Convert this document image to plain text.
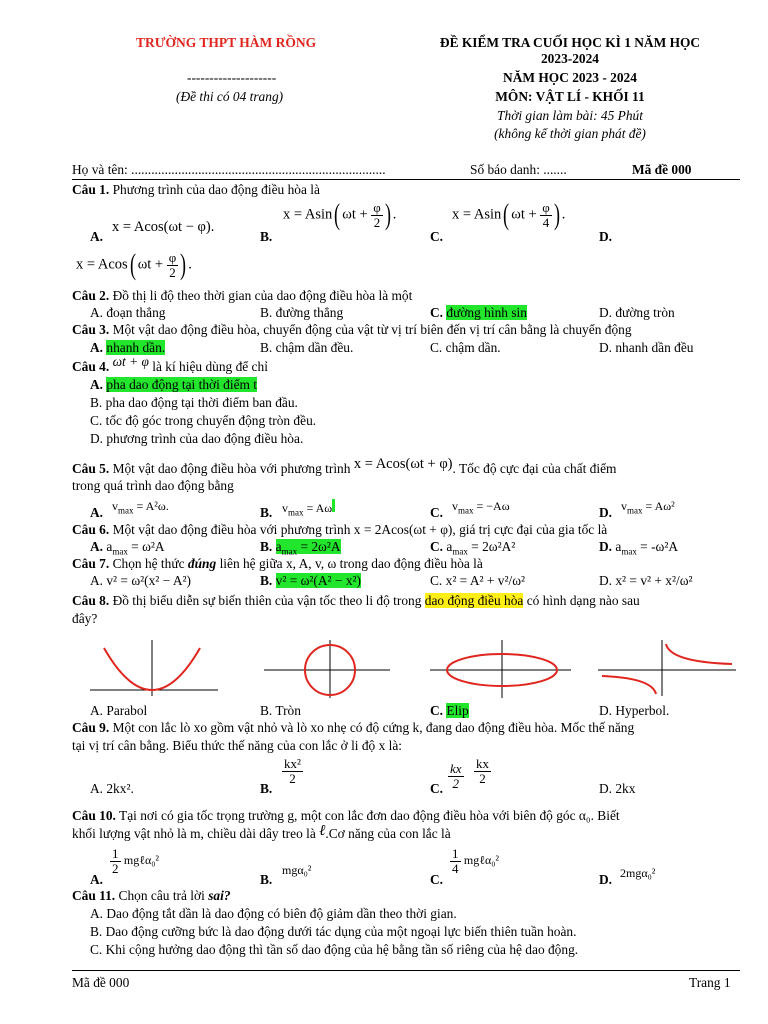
TRƯỜNG THPT HÀM RỒNG
--------------------
(Đề thi có 04 trang)
ĐỀ KIỂM TRA CUỐI HỌC KÌ 1 NĂM HỌC
2023-2024
NĂM HỌC 2023 - 2024
MÔN: VẬT LÍ - KHỐI 11
Thời gian làm bài: 45 Phút
(không kể thời gian phát đề)
Họ và tên: ............................................................................	Số báo danh: .......	Mã đề 000
Câu 1. Phương trình của dao động điều hòa là
A.
x = Acos(ωt − φ).
B.
x = Asin( $\omega t + \frac{\varphi}{2}$ ) .
C.
x = Asin( $\omega t + \frac{\varphi}{4}$ ) .
D.
x = Acos( $\omega t + \frac{\varphi}{2}$ ) .
Câu 2. Đồ thị li độ theo thời gian của dao động điều hòa là một
A. đoạn thẳng	B. đường thẳng	C. đường hình sin	D. đường tròn
Câu 3. Một vật dao động điều hòa, chuyển động của vật từ vị trí biên đến vị trí cân bằng là chuyển động
A. nhanh dần.	B. chậm dần đều.	C. chậm dần.	D. nhanh dần đều
Câu 4. ωt + φ là kí hiệu dùng để chỉ
A. pha dao động tại thời điểm t
B. pha dao động tại thời điểm ban đầu.
C. tốc độ góc trong chuyển động tròn đều.
D. phương trình của dao động điều hòa.
Câu 5. Một vật dao động điều hòa với phương trình x = Acos(ωt + φ). Tốc độ cực đại của chất điểm
trong quá trình dao động bằng
A. $v_{max} = A^2\omega$.	B. $v_{max} = A\omega$	C. $v_{max} = -A\omega$	D. $v_{max} = A\omega^2$
Câu 6. Một vật dao động điều hòa với phương trình x = 2Acos(ωt + φ), giá trị cực đại của gia tốc là
A. $a_{max} = \omega^2A$	B. $a_{max} = 2\omega^2A$	C. $a_{max} = 2\omega^2A^2$	D. $a_{max} = -\omega^2A$
Câu 7. Chọn hệ thức đúng liên hệ giữa x, A, v, ω trong dao động điều hòa là
A. v² = ω²(x² − A²)	B. v² = ω²(A² − x²)	C. x² = A² + v²/ω²	D. x² = v² + x²/ω²
Câu 8. Đồ thị biểu diễn sự biến thiên của vận tốc theo li độ trong dao động điều hòa có hình dạng nào sau
đây?
A. Parabol	B. Tròn	C. Elip	D. Hyperbol.
Câu 9. Một con lắc lò xo gồm vật nhỏ và lò xo nhẹ có độ cứng k, đang dao động điều hòa. Mốc thế năng
tại vị trí cân bằng. Biểu thức thế năng của con lắc ở li độ x là:
A. 2kx².	B.
$\frac{\text{kx²}}{2}$
C. $\frac{kx}{2} \frac{kx}{2}$
D. 2kx
Câu 10. Tại nơi có gia tốc trọng trường g, một con lắc đơn dao động điều hòa với biên độ góc α₀. Biết
khối lượng vật nhỏ là m, chiều dài dây treo là ℓ.Cơ năng của con lắc là
A.
$\frac{1}{2}$ mgℓα₀²
B.
mgα₀²
C.
$\frac{1}{4}$ mgℓα₀²
D. 2mgα₀²
Câu 11. Chọn câu trả lời sai?
A. Dao động tắt dần là dao động có biên độ giảm dần theo thời gian.
B. Dao động cưỡng bức là dao động dưới tác dụng của một ngoại lực biến thiên tuần hoàn.
C. Khi cộng hưởng dao động thì tần số dao động của hệ bằng tần số riêng của hệ dao động.
Mã đề 000	Trang 1
